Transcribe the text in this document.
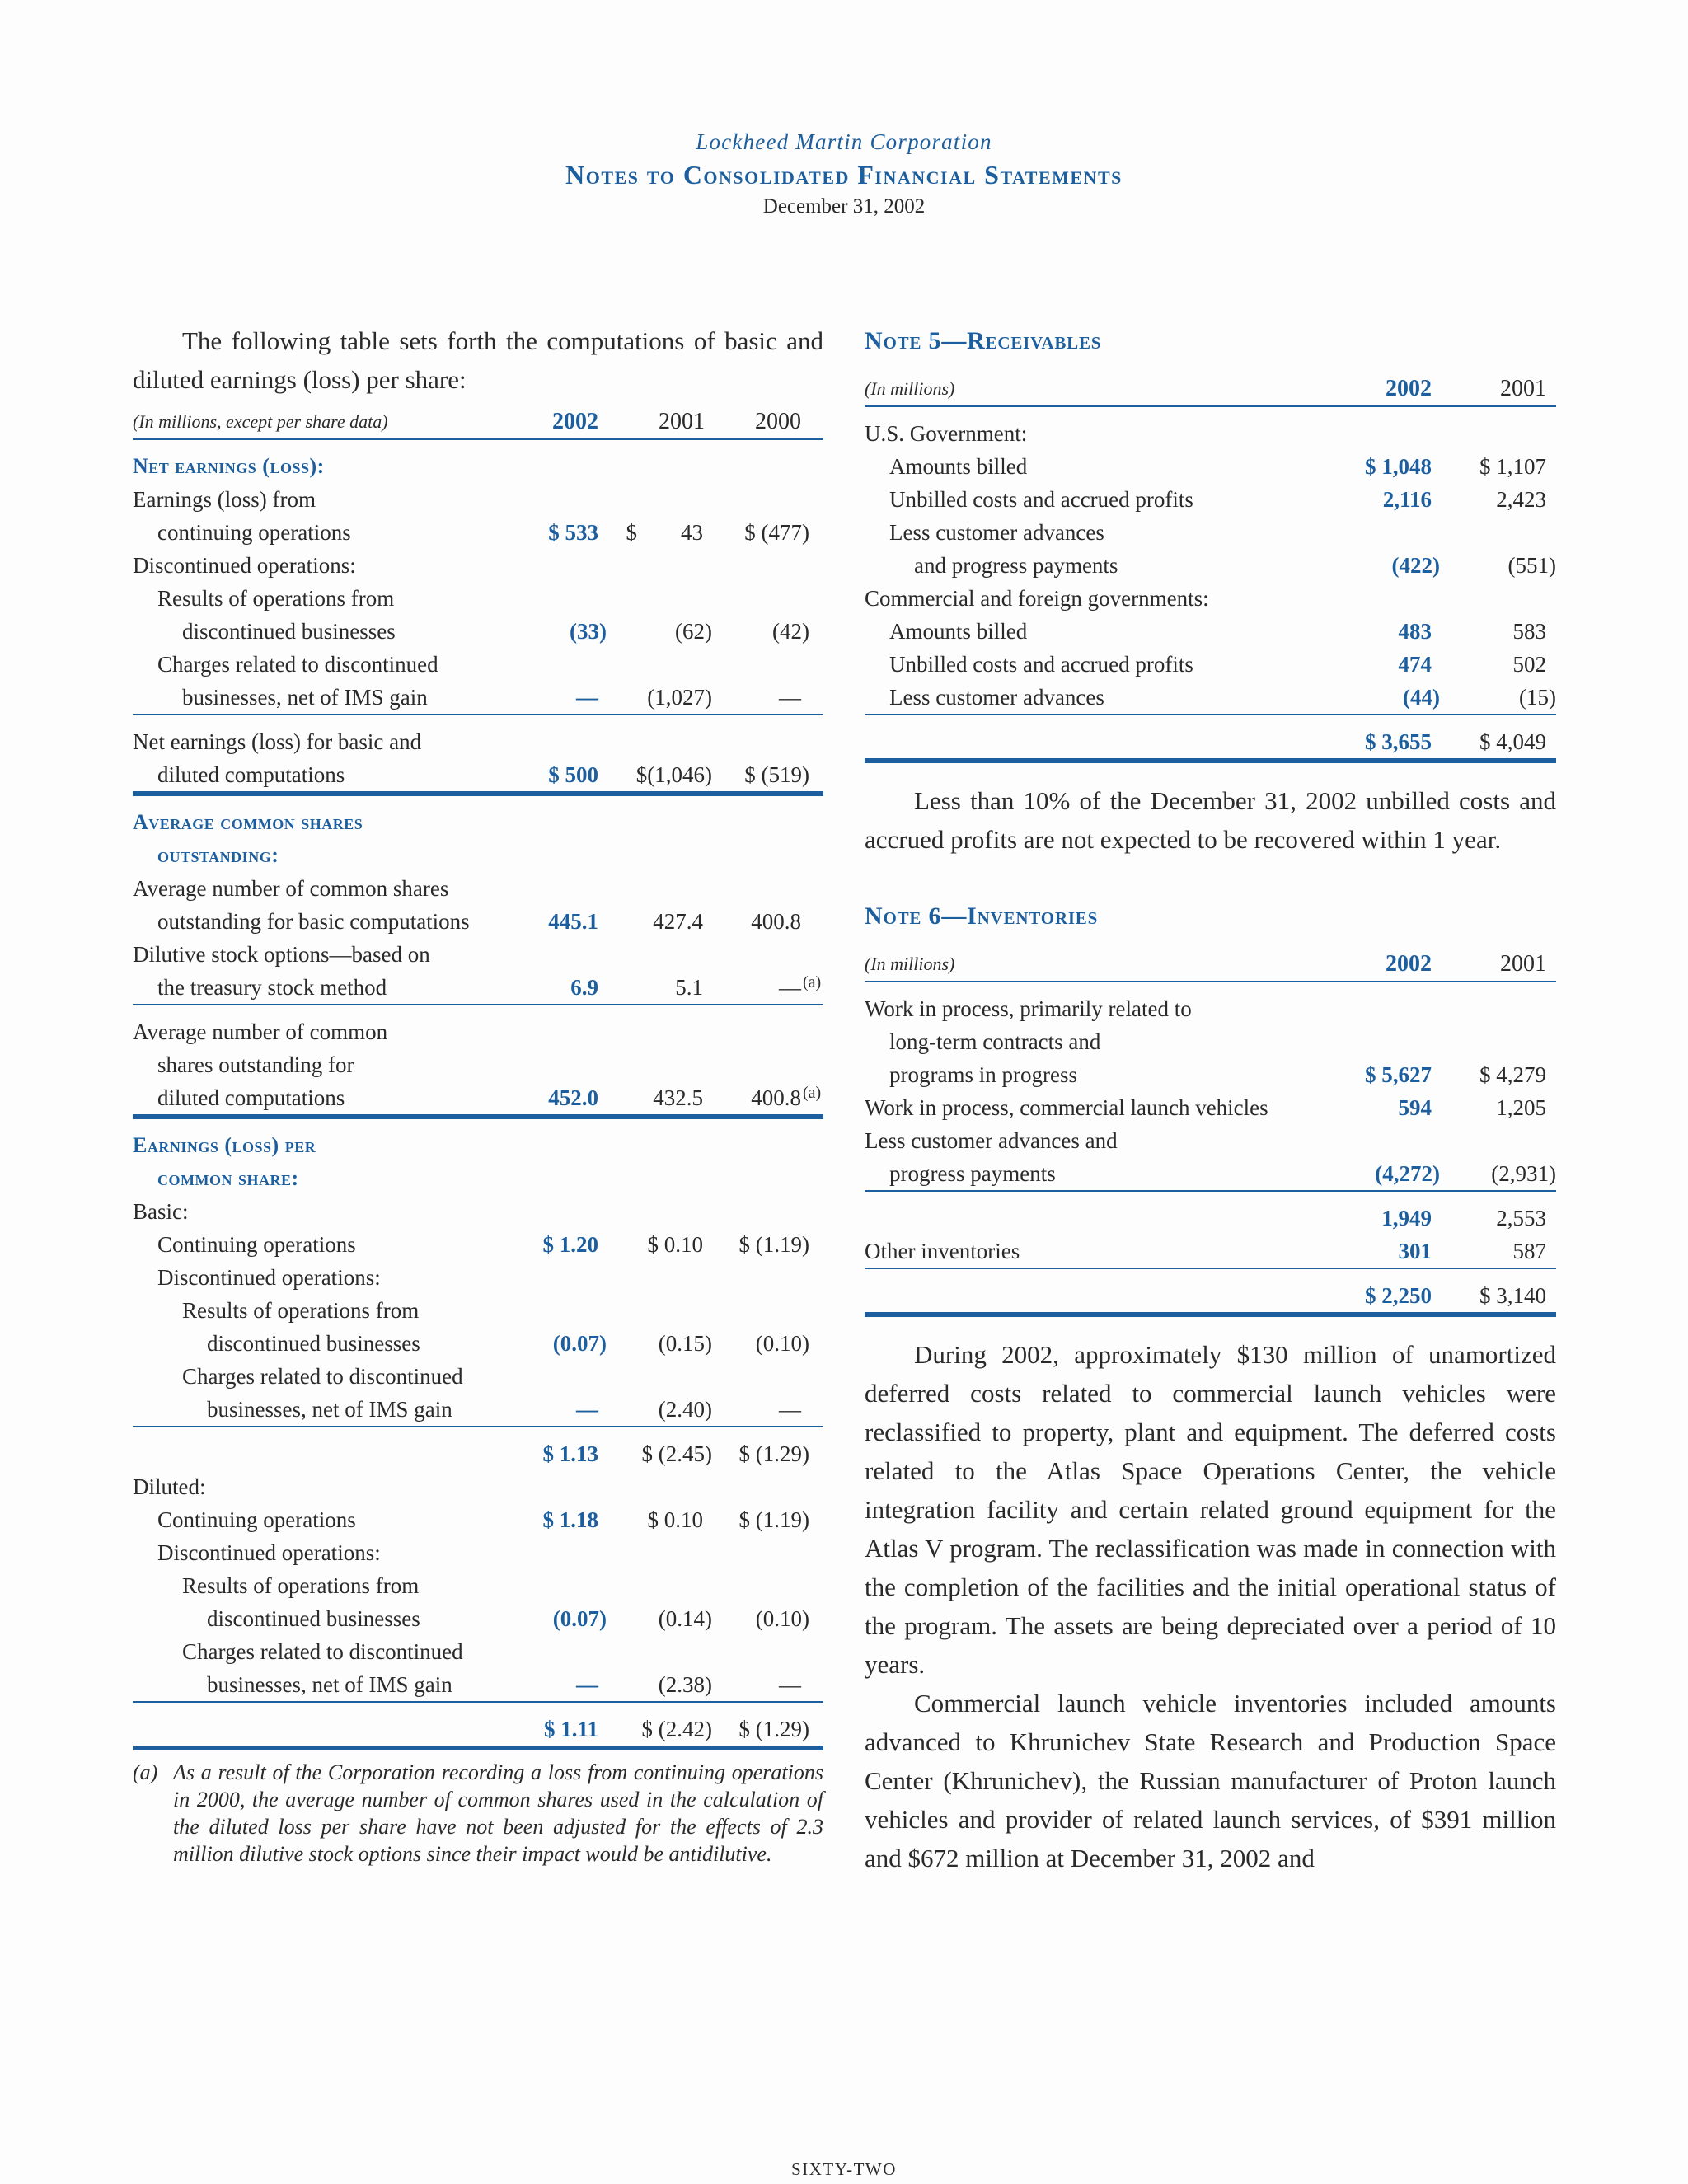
Lockheed Martin Corporation
Notes to Consolidated Financial Statements
December 31, 2002

The following table sets forth the computations of basic and diluted earnings (loss) per share:

(In millions, except per share data)	2002	2001 2000
Net earnings (loss):
Earnings (loss) from
continuing operations	$ 533 $ 43 $ (477)
Discontinued operations:
Results of operations from
discontinued businesses	(33)	(62)	(42)
Charges related to discontinued
businesses, net of IMS gain	— (1,027)	—
Net earnings (loss) for basic and
diluted computations	$ 500 $(1,046) $ (519)
Average common shares
outstanding:
Average number of common shares
outstanding for basic computations	445.1 427.4 400.8
Dilutive stock options—based on
the treasury stock method	6.9	5.1	— (a)
Average number of common
shares outstanding for
diluted computations	452.0 432.5 400.8 (a)
Earnings (loss) per
common share:
Basic:
Continuing operations	$ 1.20 $ 0.10 $ (1.19)
Discontinued operations:
Results of operations from
discontinued businesses	(0.07) (0.15) (0.10)
Charges related to discontinued
businesses, net of IMS gain	—	(2.40)	—
$ 1.13 $ (2.45) $ (1.29)
Diluted:
Continuing operations	$ 1.18 $ 0.10 $ (1.19)
Discontinued operations:
Results of operations from
discontinued businesses	(0.07) (0.14) (0.10)
Charges related to discontinued
businesses, net of IMS gain	—	(2.38)	—
$ 1.11 $ (2.42) $ (1.29)
(a) As a result of the Corporation recording a loss from continuing operations in 2000, the average number of common shares used in the calculation of the diluted loss per share have not been adjusted for the effects of 2.3 million dilutive stock options since their impact would be antidilutive.
Note 5—Receivables
(In millions)	2002	2001
U.S. Government:
Amounts billed	$ 1,048 $ 1,107
Unbilled costs and accrued profits	2,116	2,423
Less customer advances
and progress payments	(422)	(551)
Commercial and foreign governments:
Amounts billed	483	583
Unbilled costs and accrued profits	474	502
Less customer advances	(44)	(15)
$ 3,655 $ 4,049

Less than 10% of the December 31, 2002 unbilled costs and accrued profits are not expected to be recovered within 1 year.

Note 6—Inventories
(In millions)	2002	2001
Work in process, primarily related to
long-term contracts and
programs in progress	$ 5,627 $ 4,279
Work in process, commercial launch vehicles	594	1,205
Less customer advances and
progress payments	(4,272) (2,931)
1,949	2,553
Other inventories	301	587
$ 2,250 $ 3,140

During 2002, approximately $130 million of unamortized deferred costs related to commercial launch vehicles were reclassified to property, plant and equipment. The deferred costs related to the Atlas Space Operations Center, the vehicle integration facility and certain related ground equipment for the Atlas V program. The reclassification was made in connection with the completion of the facilities and the initial operational status of the program. The assets are being depreciated over a period of 10 years.

Commercial launch vehicle inventories included amounts advanced to Khrunichev State Research and Production Space Center (Khrunichev), the Russian manufacturer of Proton launch vehicles and provider of related launch services, of $391 million and $672 million at December 31, 2002 and

SIXTY-TWO
